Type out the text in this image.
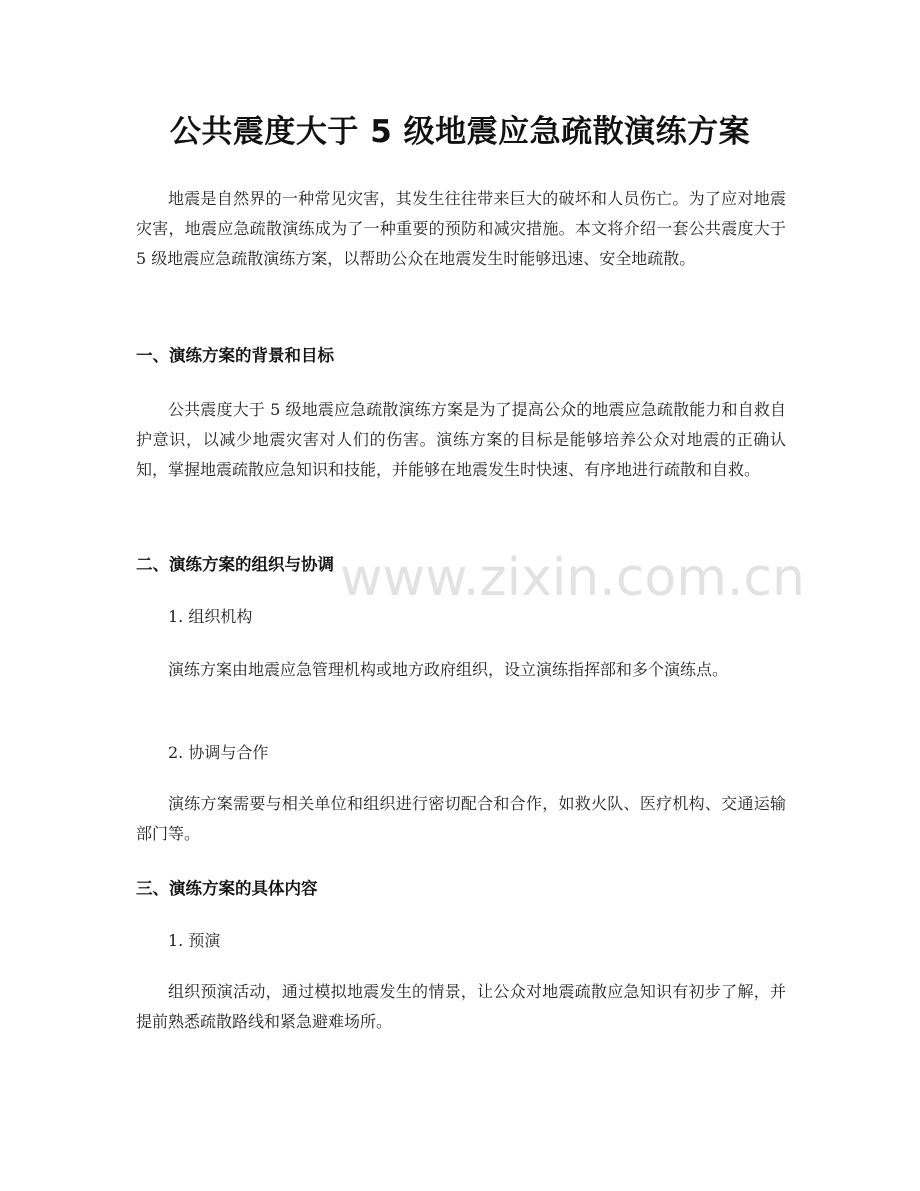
公共震度大于 5 级地震应急疏散演练方案
地震是自然界的一种常见灾害，其发生往往带来巨大的破坏和人员伤亡。为了应对地震灾害，地震应急疏散演练成为了一种重要的预防和减灾措施。本文将介绍一套公共震度大于 5 级地震应急疏散演练方案，以帮助公众在地震发生时能够迅速、安全地疏散。
一、演练方案的背景和目标
公共震度大于 5 级地震应急疏散演练方案是为了提高公众的地震应急疏散能力和自救自护意识，以减少地震灾害对人们的伤害。演练方案的目标是能够培养公众对地震的正确认知，掌握地震疏散应急知识和技能，并能够在地震发生时快速、有序地进行疏散和自救。
二、演练方案的组织与协调
1. 组织机构
演练方案由地震应急管理机构或地方政府组织，设立演练指挥部和多个演练点。
2. 协调与合作
演练方案需要与相关单位和组织进行密切配合和合作，如救火队、医疗机构、交通运输部门等。
三、演练方案的具体内容
1. 预演
组织预演活动，通过模拟地震发生的情景，让公众对地震疏散应急知识有初步了解，并提前熟悉疏散路线和紧急避难场所。
www.zixin.com.cn
